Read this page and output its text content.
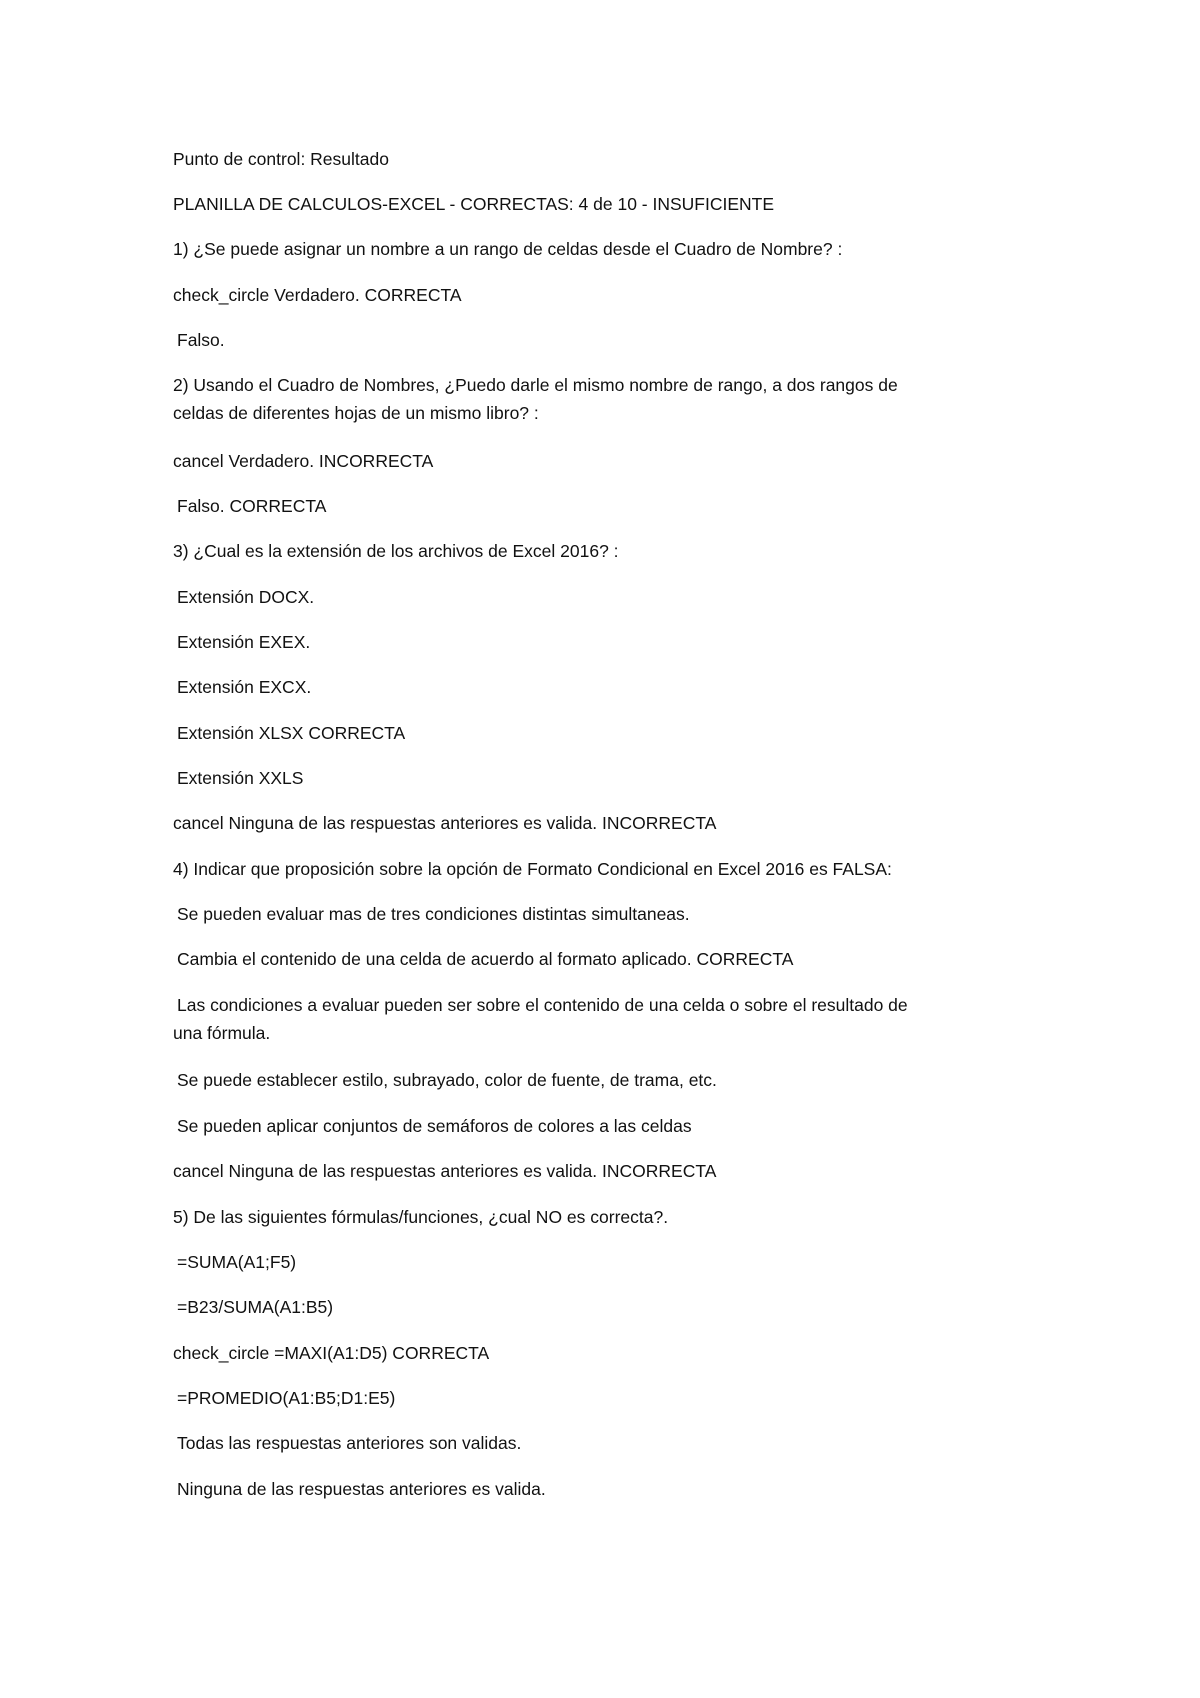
Punto de control: Resultado
PLANILLA DE CALCULOS-EXCEL - CORRECTAS: 4 de 10 - INSUFICIENTE
1) ¿Se puede asignar un nombre a un rango de celdas desde el Cuadro de Nombre? :
check_circle Verdadero. CORRECTA
Falso.
2) Usando el Cuadro de Nombres, ¿Puedo darle el mismo nombre de rango, a dos rangos de
celdas de diferentes hojas de un mismo libro? :
cancel Verdadero. INCORRECTA
Falso. CORRECTA
3) ¿Cual es la extensión de los archivos de Excel 2016? :
Extensión DOCX.
Extensión EXEX.
Extensión EXCX.
Extensión XLSX CORRECTA
Extensión XXLS
cancel Ninguna de las respuestas anteriores es valida. INCORRECTA
4) Indicar que proposición sobre la opción de Formato Condicional en Excel 2016 es FALSA:
Se pueden evaluar mas de tres condiciones distintas simultaneas.
Cambia el contenido de una celda de acuerdo al formato aplicado. CORRECTA
Las condiciones a evaluar pueden ser sobre el contenido de una celda o sobre el resultado de
una fórmula.
Se puede establecer estilo, subrayado, color de fuente, de trama, etc.
Se pueden aplicar conjuntos de semáforos de colores a las celdas
cancel Ninguna de las respuestas anteriores es valida. INCORRECTA
5) De las siguientes fórmulas/funciones, ¿cual NO es correcta?.
=SUMA(A1;F5)
=B23/SUMA(A1:B5)
check_circle =MAXI(A1:D5) CORRECTA
=PROMEDIO(A1:B5;D1:E5)
Todas las respuestas anteriores son validas.
Ninguna de las respuestas anteriores es valida.
